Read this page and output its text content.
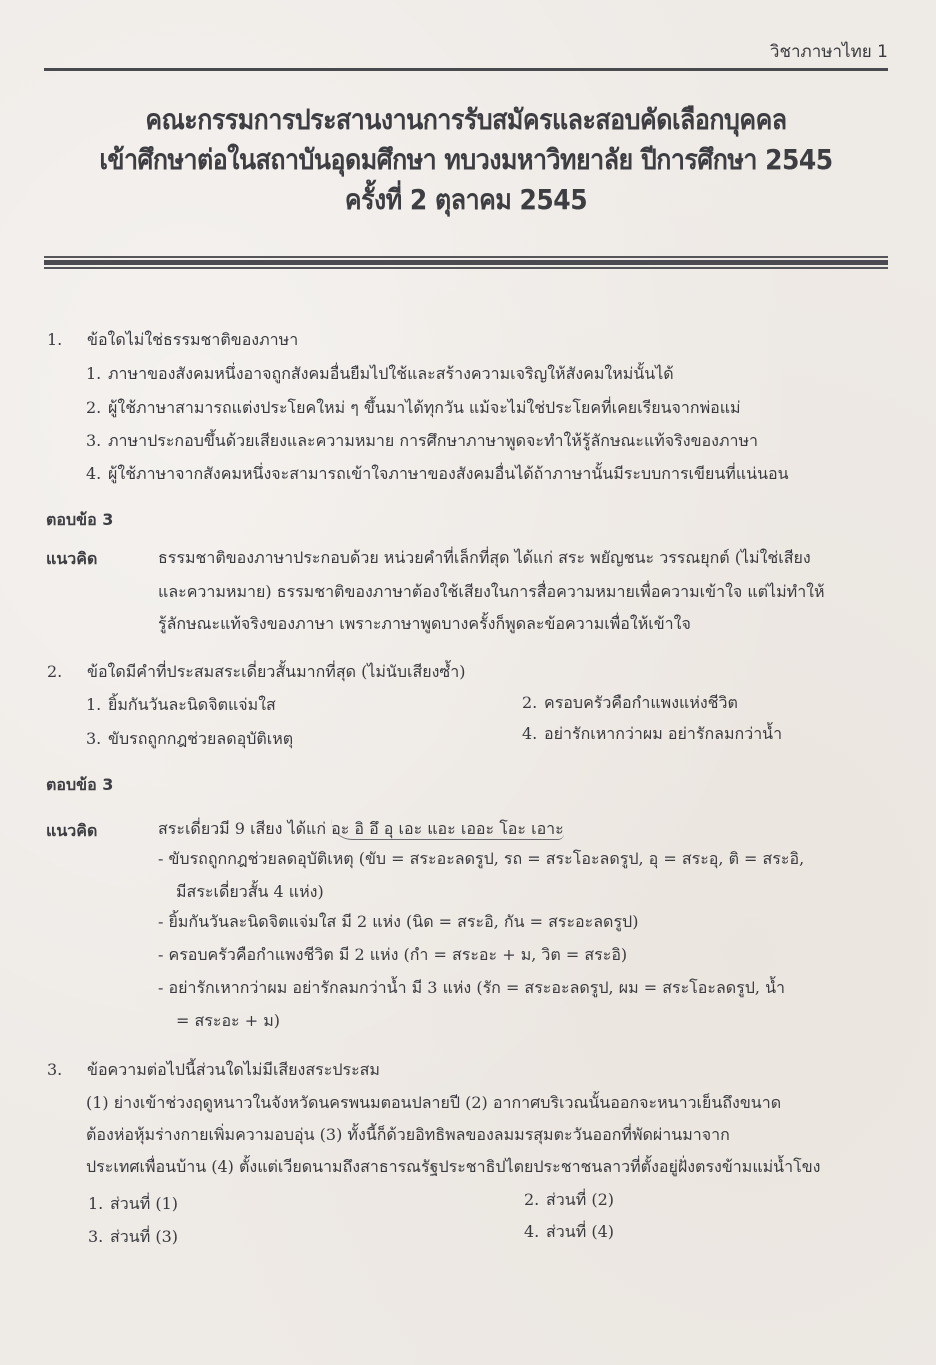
วิชาภาษาไทย 1
คณะกรรมการประสานงานการรับสมัครและสอบคัดเลือกบุคคล
เข้าศึกษาต่อในสถาบันอุดมศึกษา ทบวงมหาวิทยาลัย ปีการศึกษา 2545
ครั้งที่ 2 ตุลาคม 2545
1. ข้อใดไม่ใช่ธรรมชาติของภาษา
1. ภาษาของสังคมหนึ่งอาจถูกสังคมอื่นยืมไปใช้และสร้างความเจริญให้สังคมใหม่นั้นได้
2. ผู้ใช้ภาษาสามารถแต่งประโยคใหม่ ๆ ขึ้นมาได้ทุกวัน แม้จะไม่ใช่ประโยคที่เคยเรียนจากพ่อแม่
3. ภาษาประกอบขึ้นด้วยเสียงและความหมาย การศึกษาภาษาพูดจะทำให้รู้ลักษณะแท้จริงของภาษา
4. ผู้ใช้ภาษาจากสังคมหนึ่งจะสามารถเข้าใจภาษาของสังคมอื่นได้ถ้าภาษานั้นมีระบบการเขียนที่แน่นอน
ตอบข้อ 3
แนวคิด	ธรรมชาติของภาษาประกอบด้วย หน่วยคำที่เล็กที่สุด ได้แก่ สระ พยัญชนะ วรรณยุกต์ (ไม่ใช่เสียง
และความหมาย) ธรรมชาติของภาษาต้องใช้เสียงในการสื่อความหมายเพื่อความเข้าใจ แต่ไม่ทำให้
รู้ลักษณะแท้จริงของภาษา เพราะภาษาพูดบางครั้งก็พูดละข้อความเพื่อให้เข้าใจ
2. ข้อใดมีคำที่ประสมสระเดี่ยวสั้นมากที่สุด (ไม่นับเสียงซ้ำ)
1. ยิ้มกันวันละนิดจิตแจ่มใส	2. ครอบครัวคือกำแพงแห่งชีวิต
3. ขับรถถูกกฎช่วยลดอุบัติเหตุ	4. อย่ารักเหากว่าผม อย่ารักลมกว่าน้ำ
ตอบข้อ 3
แนวคิด	สระเดี่ยวมี 9 เสียง ได้แก่ อะ อิ อึ อุ เอะ แอะ เออะ โอะ เอาะ
- ขับรถถูกกฎช่วยลดอุบัติเหตุ (ขับ = สระอะลดรูป, รถ = สระโอะลดรูป, อุ = สระอุ, ติ = สระอิ,
มีสระเดี่ยวสั้น 4 แห่ง)
- ยิ้มกันวันละนิดจิตแจ่มใส มี 2 แห่ง (นิด = สระอิ, กัน = สระอะลดรูป)
- ครอบครัวคือกำแพงชีวิต มี 2 แห่ง (กำ = สระอะ + ม, วิต = สระอิ)
- อย่ารักเหากว่าผม อย่ารักลมกว่าน้ำ มี 3 แห่ง (รัก = สระอะลดรูป, ผม = สระโอะลดรูป, น้ำ
= สระอะ + ม)
3. ข้อความต่อไปนี้ส่วนใดไม่มีเสียงสระประสม
(1) ย่างเข้าช่วงฤดูหนาวในจังหวัดนครพนมตอนปลายปี (2) อากาศบริเวณนั้นออกจะหนาวเย็นถึงขนาด
ต้องห่อหุ้มร่างกายเพิ่มความอบอุ่น (3) ทั้งนี้ก็ด้วยอิทธิพลของลมมรสุมตะวันออกที่พัดผ่านมาจาก
ประเทศเพื่อนบ้าน (4) ตั้งแต่เวียดนามถึงสาธารณรัฐประชาธิปไตยประชาชนลาวที่ตั้งอยู่ฝั่งตรงข้ามแม่น้ำโขง
1. ส่วนที่ (1)	2. ส่วนที่ (2)
3. ส่วนที่ (3)	4. ส่วนที่ (4)
